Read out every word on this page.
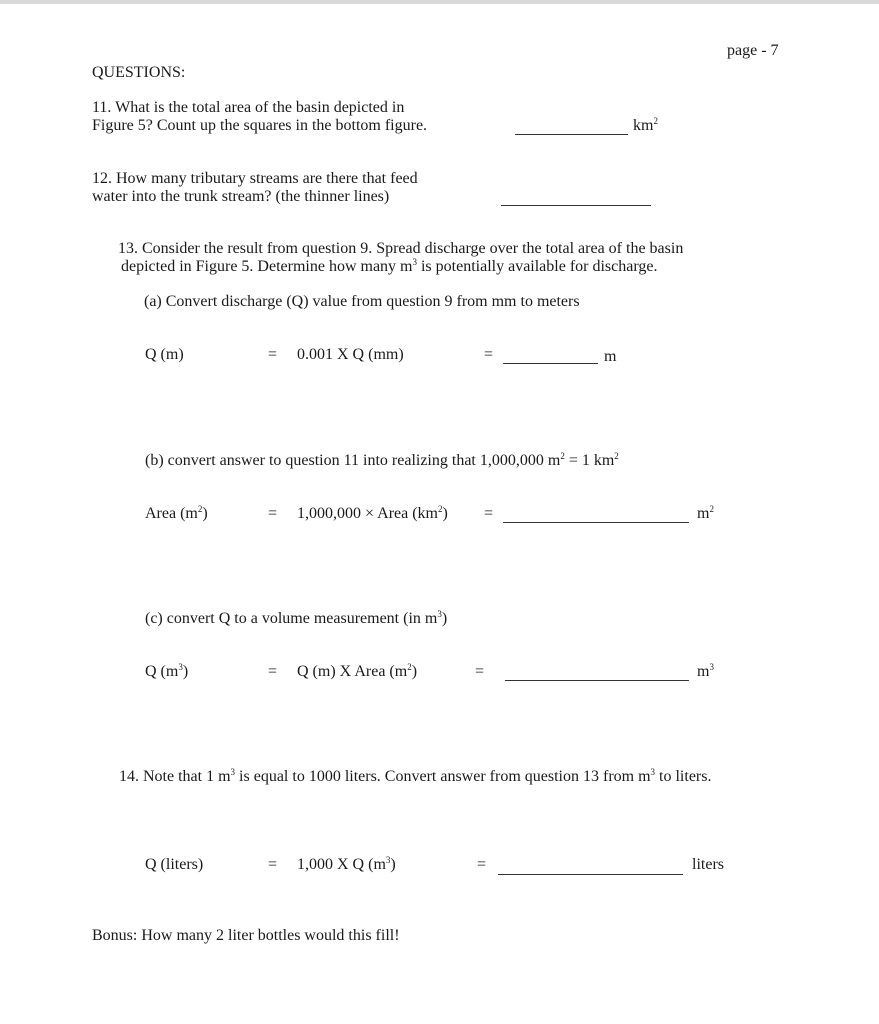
page - 7
QUESTIONS:
11. What is the total area of the basin depicted in
Figure 5? Count up the squares in the bottom figure.	$km^2$
12. How many tributary streams are there that feed
water into the trunk stream? (the thinner lines)
13. Consider the result from question 9. Spread discharge over the total area of the basin
depicted in Figure 5. Determine how many $m^3$ is potentially available for discharge.
(a) Convert discharge (Q) value from question 9 from mm to meters
Q (m)	= 0.001 X Q (mm)	=	m
(b) convert answer to question 11 into realizing that 1,000,000 $m^2 = 1$ $km^2$
Area $(m^2)$	= 1,000,000 × Area $(km^2)$ =	$m^2$
(c) convert Q to a volume measurement (in $m^3$)
Q $(m^3)$	= Q (m) X Area $(m^2)$	=	$m^3$
14. Note that 1 $m^3$ is equal to 1000 liters. Convert answer from question 13 from $m^3$ to liters.
Q (liters)	= 1,000 X Q $(m^3)$	=	liters
Bonus: How many 2 liter bottles would this fill!
